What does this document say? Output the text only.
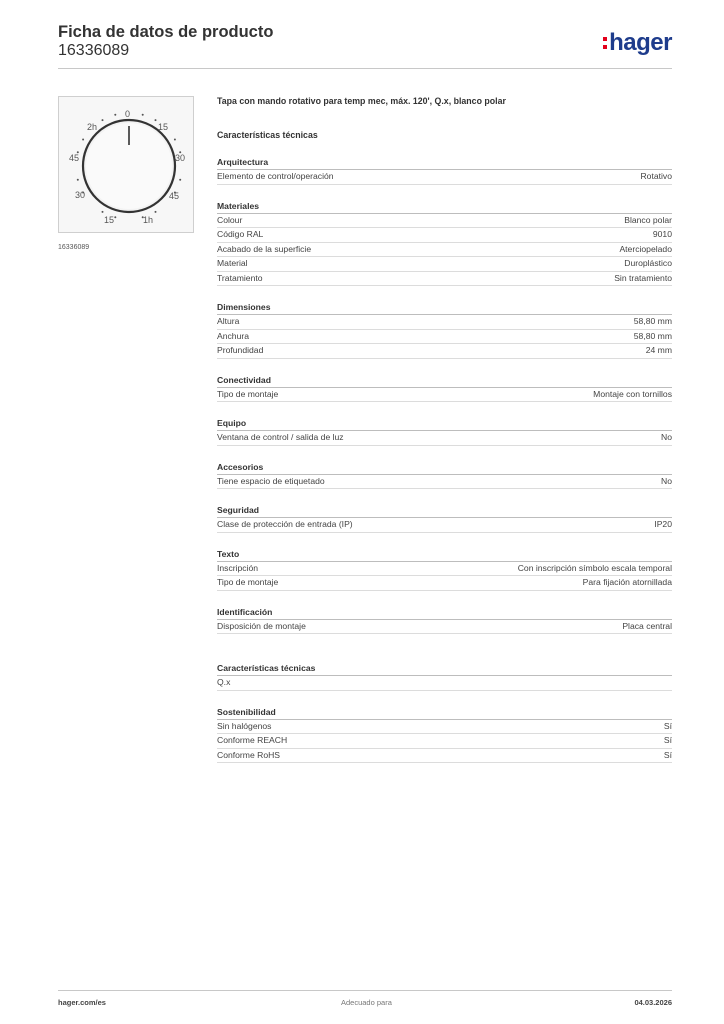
Ficha de datos de producto
16336089	hager
0
15
30
45
1h
15
30
45
2h
16336089
Tapa con mando rotativo para temp mec, máx. 120', Q.x, blanco polar
Características técnicas
Arquitectura
Elemento de control/operación	Rotativo
Materiales
Colour	Blanco polar
Código RAL	9010
Acabado de la superficie	Aterciopelado
Material	Duroplástico
Tratamiento	Sin tratamiento
Dimensiones
Altura	58,80 mm
Anchura	58,80 mm
Profundidad	24 mm
Conectividad
Tipo de montaje	Montaje con tornillos
Equipo
Ventana de control / salida de luz	No
Accesorios
Tiene espacio de etiquetado	No
Seguridad
Clase de protección de entrada (IP)	IP20
Texto
Inscripción	Con inscripción símbolo escala temporal
Tipo de montaje	Para fijación atornillada
Identificación
Disposición de montaje	Placa central
Características técnicas
Q.x
Sostenibilidad
Sin halógenos	Sí
Conforme REACH	Sí
Conforme RoHS	Sí
hager.com/es	Adecuado para	04.03.2026
